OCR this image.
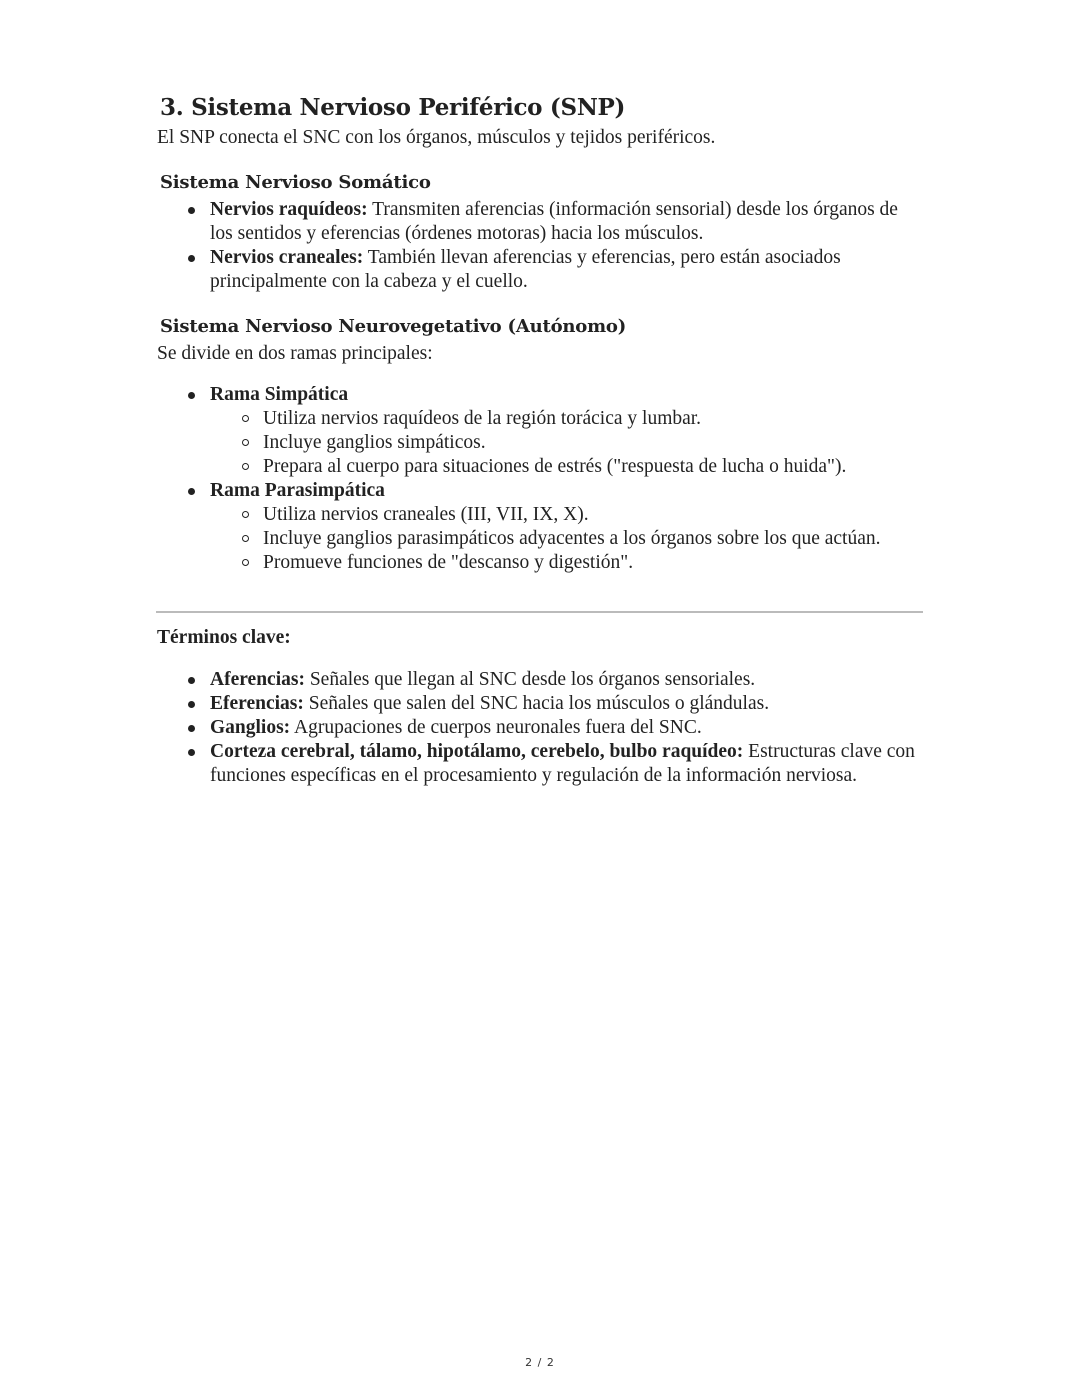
3. Sistema Nervioso Periférico (SNP)
El SNP conecta el SNC con los órganos, músculos y tejidos periféricos.
Sistema Nervioso Somático
Nervios raquídeos: Transmiten aferencias (información sensorial) desde los órganos de los sentidos y eferencias (órdenes motoras) hacia los músculos.
Nervios craneales: También llevan aferencias y eferencias, pero están asociados principalmente con la cabeza y el cuello.
Sistema Nervioso Neurovegetativo (Autónomo)
Se divide en dos ramas principales:
Rama Simpática
Utiliza nervios raquídeos de la región torácica y lumbar.
Incluye ganglios simpáticos.
Prepara al cuerpo para situaciones de estrés ("respuesta de lucha o huida").
Rama Parasimpática
Utiliza nervios craneales (III, VII, IX, X).
Incluye ganglios parasimpáticos adyacentes a los órganos sobre los que actúan.
Promueve funciones de "descanso y digestión".
Términos clave:
Aferencias: Señales que llegan al SNC desde los órganos sensoriales.
Eferencias: Señales que salen del SNC hacia los músculos o glándulas.
Ganglios: Agrupaciones de cuerpos neuronales fuera del SNC.
Corteza cerebral, tálamo, hipotálamo, cerebelo, bulbo raquídeo: Estructuras clave con funciones específicas en el procesamiento y regulación de la información nerviosa.
2 / 2
